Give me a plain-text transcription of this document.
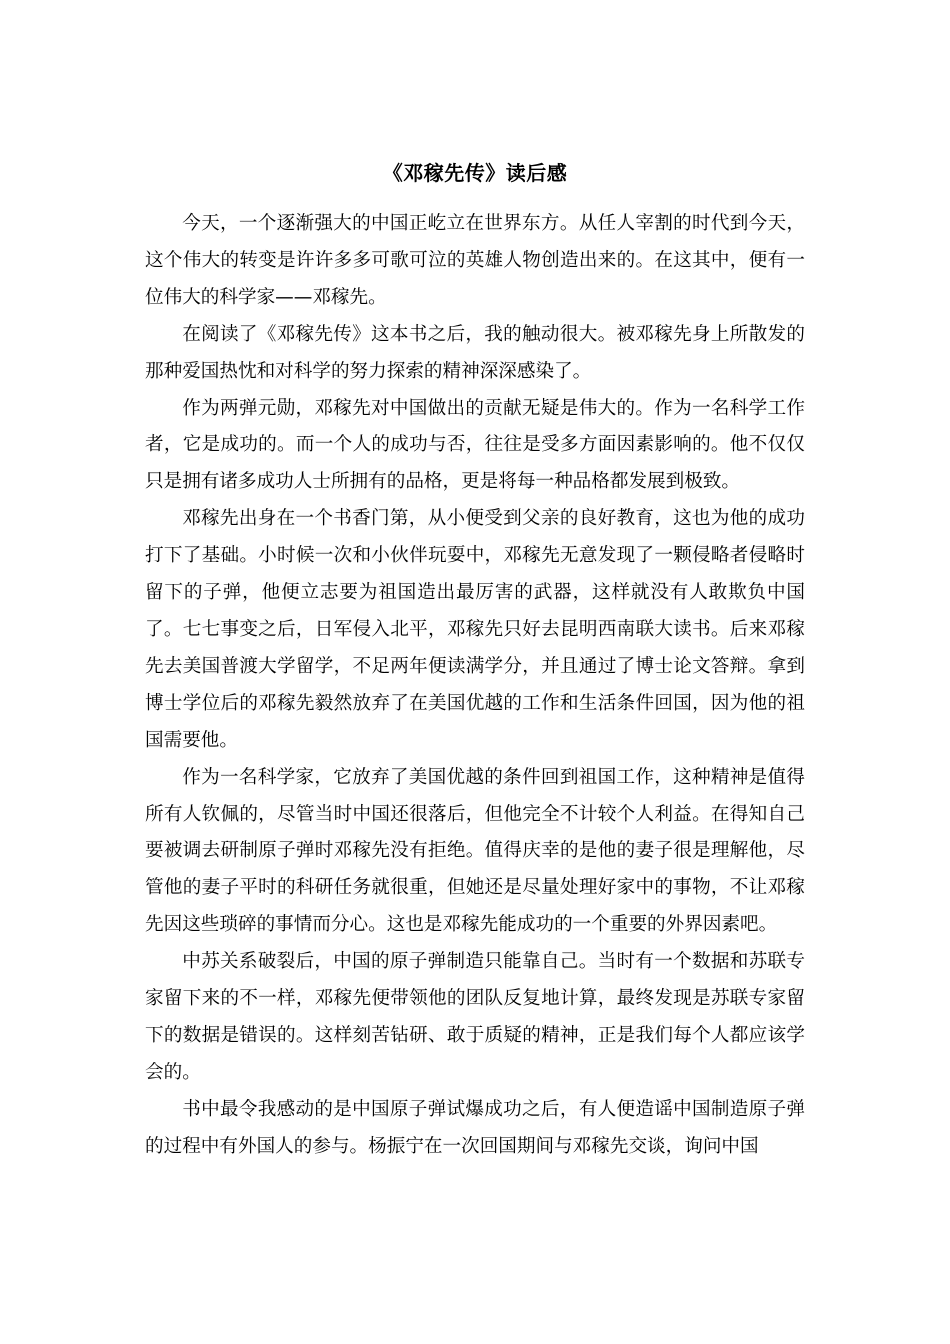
《邓稼先传》读后感

今天，一个逐渐强大的中国正屹立在世界东方。从任人宰割的时代到今天，这个伟大的转变是许许多多可歌可泣的英雄人物创造出来的。在这其中，便有一位伟大的科学家——邓稼先。

在阅读了《邓稼先传》这本书之后，我的触动很大。被邓稼先身上所散发的那种爱国热忱和对科学的努力探索的精神深深感染了。

作为两弹元勋，邓稼先对中国做出的贡献无疑是伟大的。作为一名科学工作者，它是成功的。而一个人的成功与否，往往是受多方面因素影响的。他不仅仅只是拥有诸多成功人士所拥有的品格，更是将每一种品格都发展到极致。

邓稼先出身在一个书香门第，从小便受到父亲的良好教育，这也为他的成功打下了基础。小时候一次和小伙伴玩耍中，邓稼先无意发现了一颗侵略者侵略时留下的子弹，他便立志要为祖国造出最厉害的武器，这样就没有人敢欺负中国了。七七事变之后，日军侵入北平，邓稼先只好去昆明西南联大读书。后来邓稼先去美国普渡大学留学，不足两年便读满学分，并且通过了博士论文答辩。拿到博士学位后的邓稼先毅然放弃了在美国优越的工作和生活条件回国，因为他的祖国需要他。

作为一名科学家，它放弃了美国优越的条件回到祖国工作，这种精神是值得所有人钦佩的，尽管当时中国还很落后，但他完全不计较个人利益。在得知自己要被调去研制原子弹时邓稼先没有拒绝。值得庆幸的是他的妻子很是理解他，尽管他的妻子平时的科研任务就很重，但她还是尽量处理好家中的事物，不让邓稼先因这些琐碎的事情而分心。这也是邓稼先能成功的一个重要的外界因素吧。

中苏关系破裂后，中国的原子弹制造只能靠自己。当时有一个数据和苏联专家留下来的不一样，邓稼先便带领他的团队反复地计算，最终发现是苏联专家留下的数据是错误的。这样刻苦钻研、敢于质疑的精神，正是我们每个人都应该学会的。

书中最令我感动的是中国原子弹试爆成功之后，有人便造谣中国制造原子弹的过程中有外国人的参与。杨振宁在一次回国期间与邓稼先交谈，询问中国
